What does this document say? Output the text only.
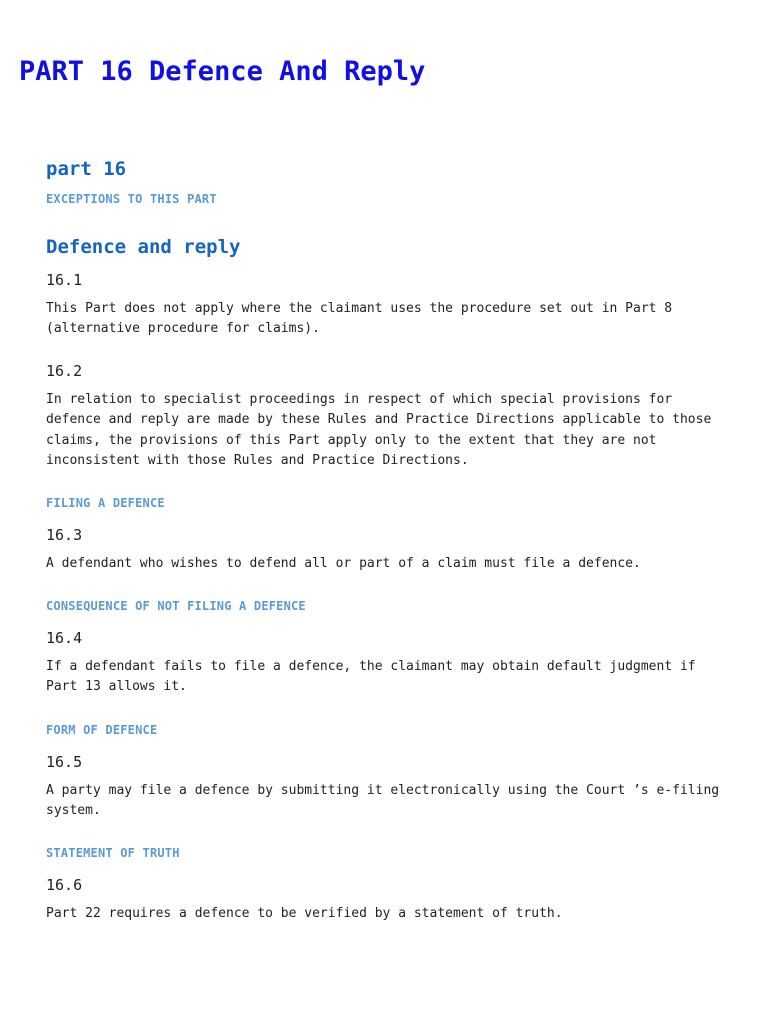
PART 16 Defence And Reply
part 16

EXCEPTIONS TO THIS PART

Defence and reply

16.1

This Part does not apply where the claimant uses the procedure set out in Part 8
(alternative procedure for claims).

16.2

In relation to specialist proceedings in respect of which special provisions for
defence and reply are made by these Rules and Practice Directions applicable to those
claims, the provisions of this Part apply only to the extent that they are not
inconsistent with those Rules and Practice Directions.

FILING A DEFENCE

16.3

A defendant who wishes to defend all or part of a claim must file a defence.

CONSEQUENCE OF NOT FILING A DEFENCE

16.4

If a defendant fails to file a defence, the claimant may obtain default judgment if
Part 13 allows it.

FORM OF DEFENCE

16.5

A party may file a defence by submitting it electronically using the Court ’s e-filing
system.

STATEMENT OF TRUTH

16.6

Part 22 requires a defence to be verified by a statement of truth.
